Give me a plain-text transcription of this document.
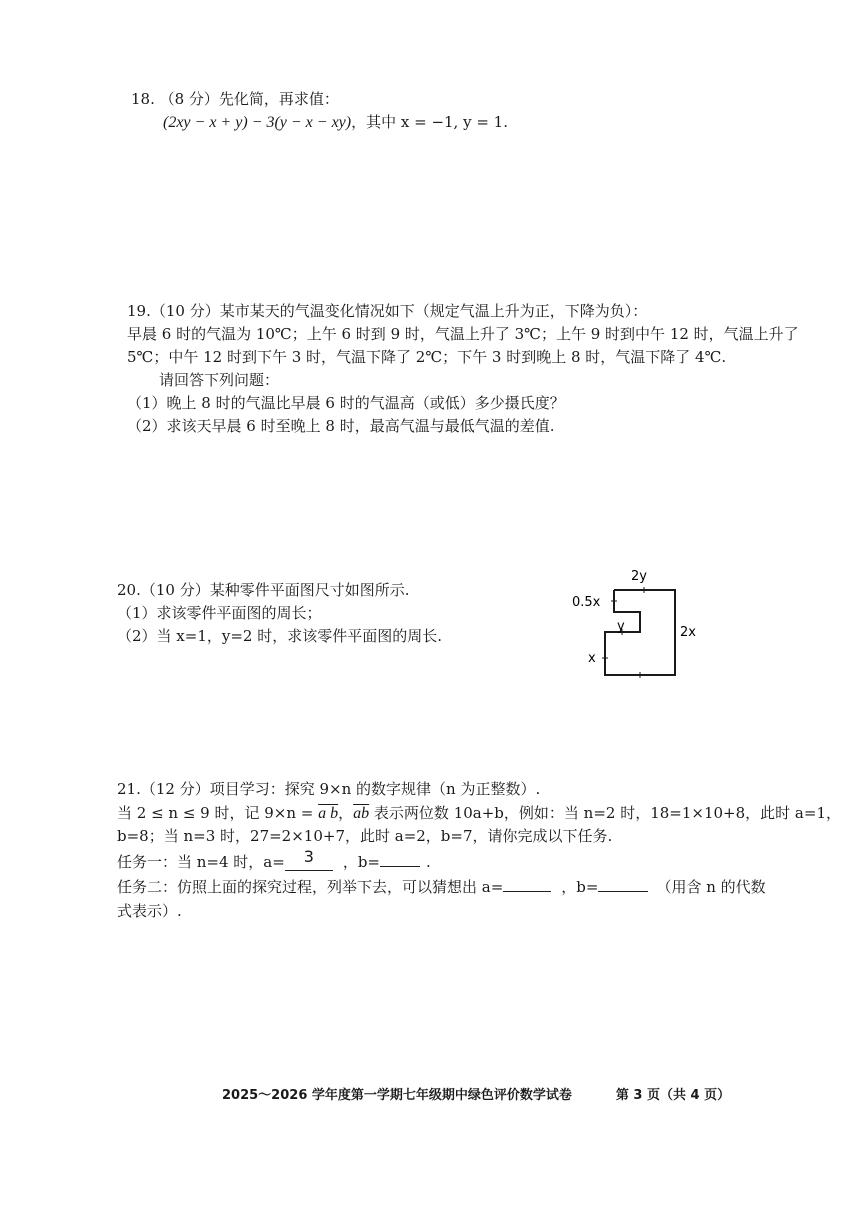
18. （8 分）先化简，再求值：
(2xy − x + y) − 3(y − x − xy)，其中 x = −1, y = 1.
19.（10 分）某市某天的气温变化情况如下（规定气温上升为正，下降为负）：
早晨 6 时的气温为 10℃；上午 6 时到 9 时，气温上升了 3℃；上午 9 时到中午 12 时，气温上升了
5℃；中午 12 时到下午 3 时，气温下降了 2℃；下午 3 时到晚上 8 时，气温下降了 4℃.
请回答下列问题：
（1）晚上 8 时的气温比早晨 6 时的气温高（或低）多少摄氏度？
（2）求该天早晨 6 时至晚上 8 时，最高气温与最低气温的差值.
20.（10 分）某种零件平面图尺寸如图所示.
（1）求该零件平面图的周长；
（2）当 x=1，y=2 时，求该零件平面图的周长.
2y
0.5x
y	2x
x
21.（12 分）项目学习：探究 9×n 的数字规律（n 为正整数）.
当 2 ≤ n ≤ 9 时，记 9×n = a b，$\overline{ab}$ 表示两位数 10a+b，例如：当 n=2 时，18=1×10+8，此时 a=1，
b=8；当 n=3 时，27=2×10+7，此时 a=2，b=7，请你完成以下任务.
任务一：当 n=4 时，a= 3 ，b=	.
任务二：仿照上面的探究过程，列举下去，可以猜想出 a=	，b=	（用含 n 的代数
式表示）.
2025～2026 学年度第一学期七年级期中绿色评价数学试卷	第 3 页（共 4 页）
